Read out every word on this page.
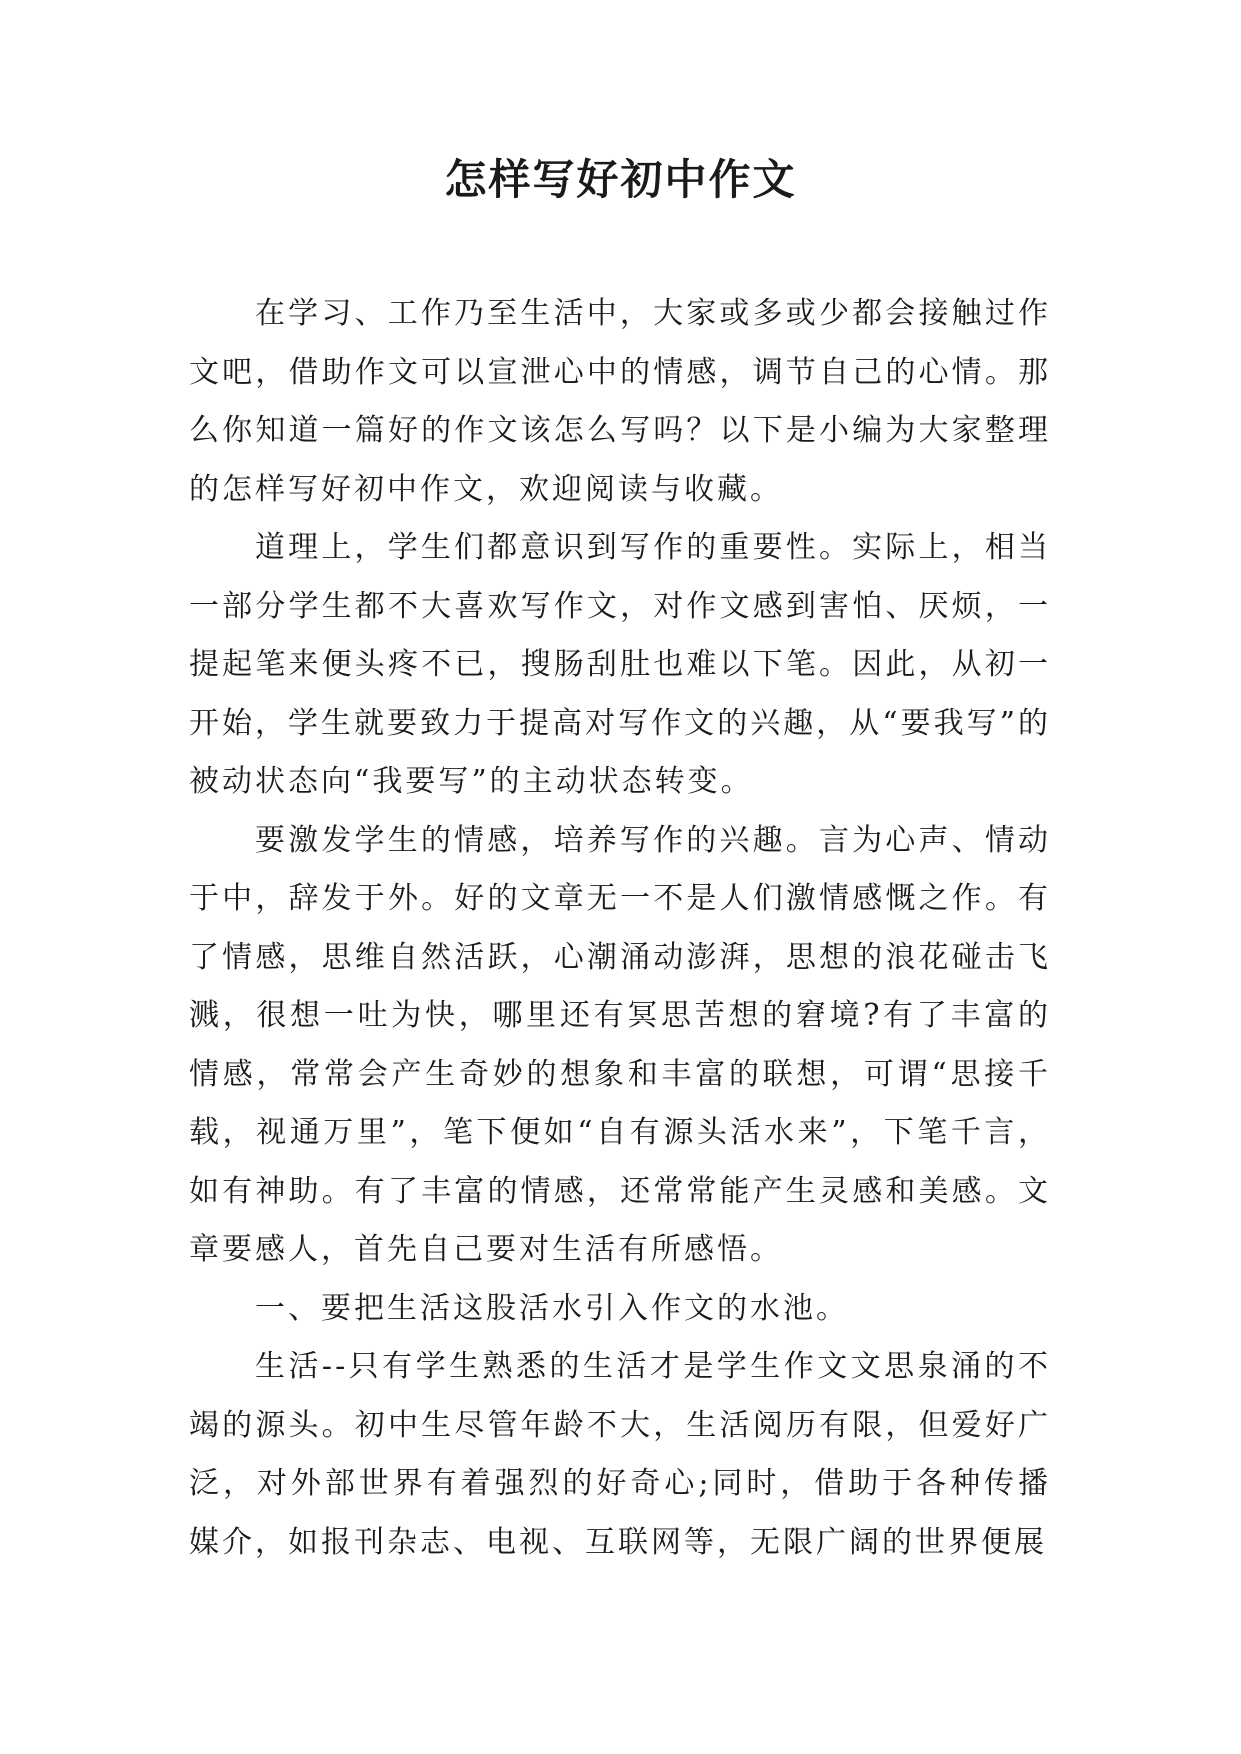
怎样写好初中作文

在学习、工作乃至生活中，大家或多或少都会接触过作文吧，借助作文可以宣泄心中的情感，调节自己的心情。那么你知道一篇好的作文该怎么写吗？以下是小编为大家整理的怎样写好初中作文，欢迎阅读与收藏。

道理上，学生们都意识到写作的重要性。实际上，相当一部分学生都不大喜欢写作文，对作文感到害怕、厌烦，一提起笔来便头疼不已，搜肠刮肚也难以下笔。因此，从初一开始，学生就要致力于提高对写作文的兴趣，从“要我写”的被动状态向“我要写”的主动状态转变。

要激发学生的情感，培养写作的兴趣。言为心声、情动于中，辞发于外。好的文章无一不是人们激情感慨之作。有了情感，思维自然活跃，心潮涌动澎湃，思想的浪花碰击飞溅，很想一吐为快，哪里还有冥思苦想的窘境?有了丰富的情感，常常会产生奇妙的想象和丰富的联想，可谓“思接千载，视通万里”，笔下便如“自有源头活水来”，下笔千言，如有神助。有了丰富的情感，还常常能产生灵感和美感。文章要感人，首先自己要对生活有所感悟。

一、要把生活这股活水引入作文的水池。

生活--只有学生熟悉的生活才是学生作文文思泉涌的不竭的源头。初中生尽管年龄不大，生活阅历有限，但爱好广泛，对外部世界有着强烈的好奇心;同时，借助于各种传播媒介，如报刊杂志、电视、互联网等，无限广阔的世界便展
